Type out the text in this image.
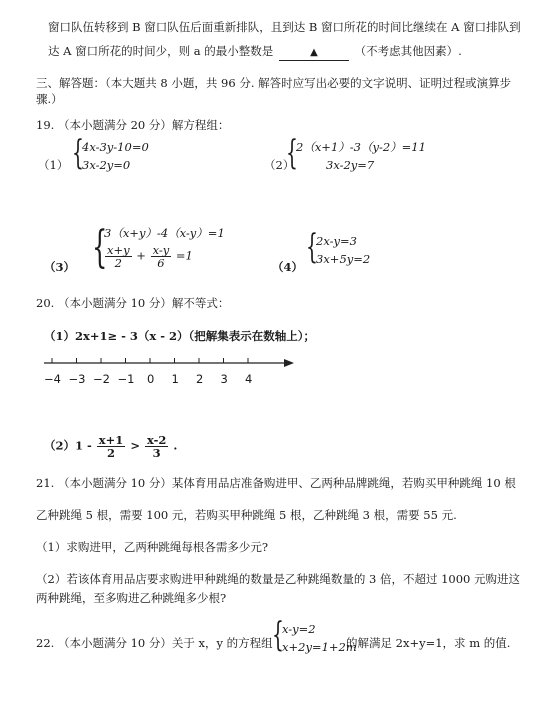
窗口队伍转移到 B 窗口队伍后面重新排队，且到达 B 窗口所花的时间比继续在 A 窗口排队到
达 A 窗口所花的时间少，则 a 的最小整数是	▲	（不考虑其他因素）.
三、解答题：（本大题共 8 小题，共 96 分. 解答时应写出必要的文字说明、证明过程或演算步
骤.）
19. （本小题满分 20 分）解方程组：
（1） {
4x-3y-10=0
3x-2y=0	（2）
{
2（x+1）-3（y-2）=11
3x-2y=7
（3） {
3（x+y）-4（x-y）=1
$\frac{x+y}{2} + \frac{x-y}{6} =1$
（4） {
2x-y=3
3x+5y=2
20. （本小题满分 10 分）解不等式：
（1）2x+1≥ - 3（x - 2）（把解集表示在数轴上）；
−4 −3 −2 −1 0 1 2 3 4
$(2)1 - \frac{x+1}{2} > \frac{x-2}{3}$ .
21. （本小题满分 10 分）某体育用品店准备购进甲、乙两种品牌跳绳，若购买甲种跳绳 10 根
乙种跳绳 5 根，需要 100 元，若购买甲种跳绳 5 根，乙种跳绳 3 根，需要 55 元.
（1）求购进甲，乙两种跳绳每根各需多少元?
（2）若该体育用品店要求购进甲种跳绳的数量是乙种跳绳数量的 3 倍，不超过 1000 元购进这
两种跳绳，至多购进乙种跳绳多少根?
22. （本小题满分 10 分）关于 x，y 的方程组 {
x-y=2
x+2y=1+2m
的解满足 2x+y=1，求 m 的值.
